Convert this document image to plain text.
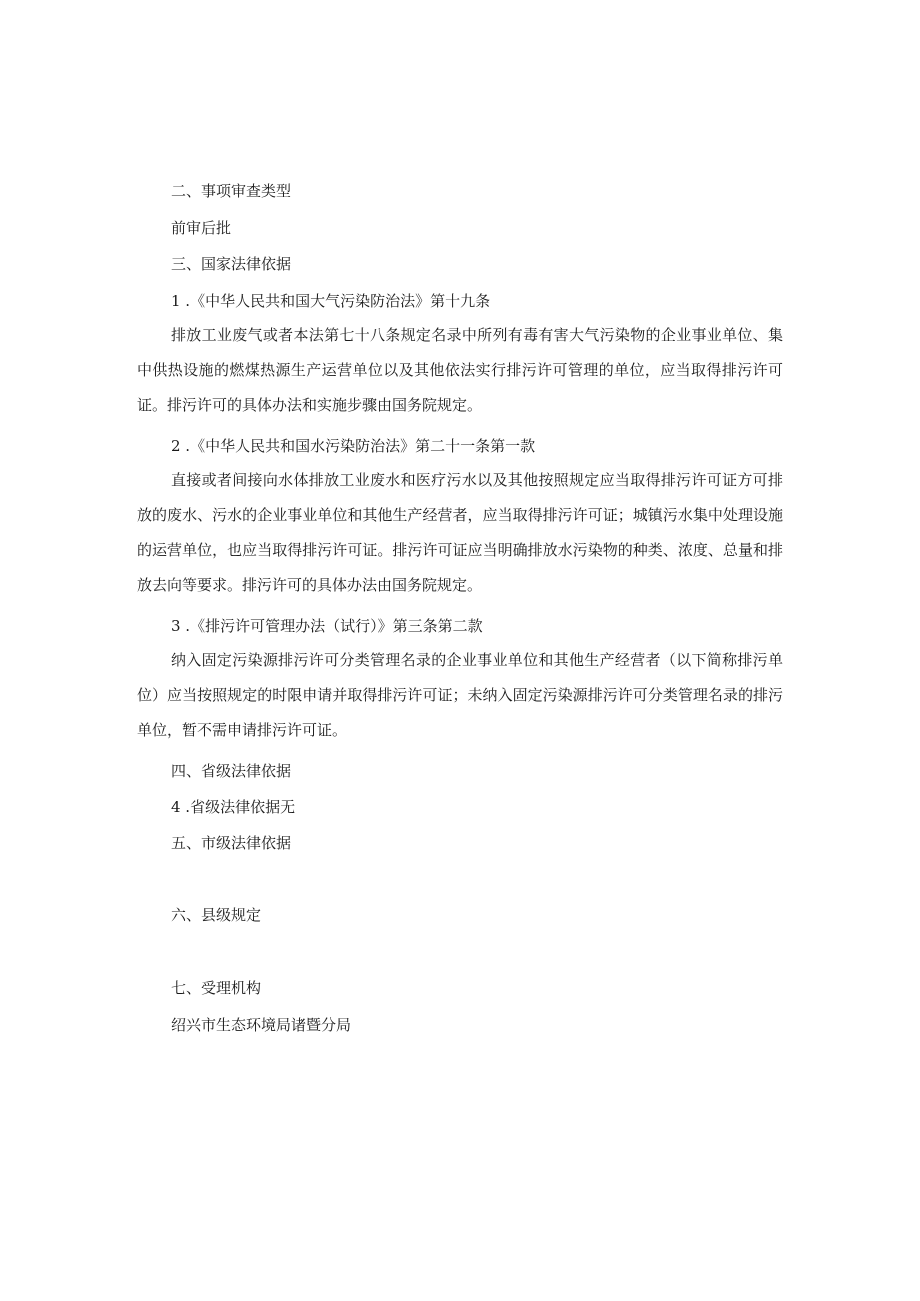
二、事项审查类型
前审后批
三、国家法律依据
1 .《中华人民共和国大气污染防治法》第十九条
排放工业废气或者本法第七十八条规定名录中所列有毒有害大气污染物的企业事业单位、集中供热设施的燃煤热源生产运营单位以及其他依法实行排污许可管理的单位，应当取得排污许可证。排污许可的具体办法和实施步骤由国务院规定。
2 .《中华人民共和国水污染防治法》第二十一条第一款
直接或者间接向水体排放工业废水和医疗污水以及其他按照规定应当取得排污许可证方可排放的废水、污水的企业事业单位和其他生产经营者，应当取得排污许可证；城镇污水集中处理设施的运营单位，也应当取得排污许可证。排污许可证应当明确排放水污染物的种类、浓度、总量和排放去向等要求。排污许可的具体办法由国务院规定。
3 .《排污许可管理办法（试行）》第三条第二款
纳入固定污染源排污许可分类管理名录的企业事业单位和其他生产经营者（以下简称排污单位）应当按照规定的时限申请并取得排污许可证；未纳入固定污染源排污许可分类管理名录的排污单位，暂不需申请排污许可证。
四、省级法律依据
4 .省级法律依据无
五、市级法律依据
六、县级规定
七、受理机构
绍兴市生态环境局诸暨分局
